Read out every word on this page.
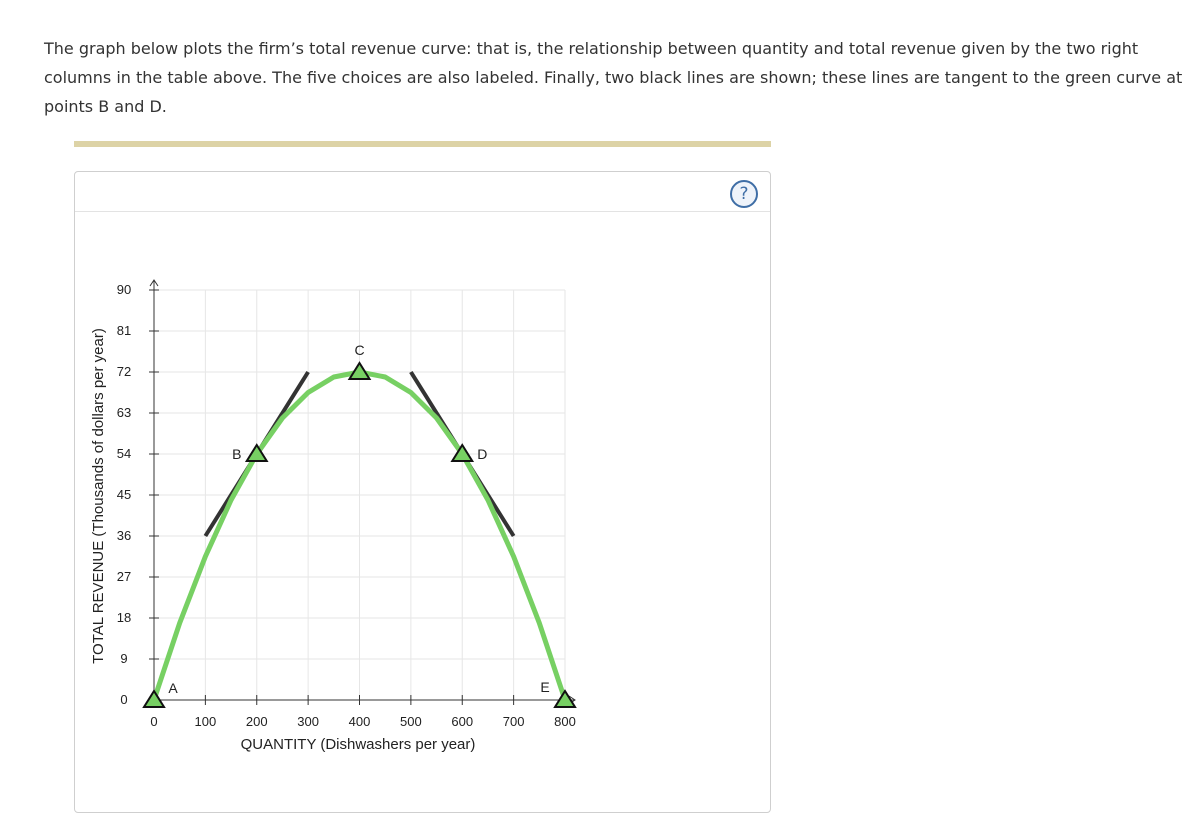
The graph below plots the firm’s total revenue curve: that is, the relationship between quantity and total revenue given by the two right columns in the table above. The five choices are also labeled. Finally, two black lines are shown; these lines are tangent to the green curve at points B and D.

?
0	100 200 300 400 500 600 700 800
0
9
18
27
36
45
54
63
72
81
90
A
B
C
D
E
QUANTITY (Dishwashers per year)
TOTAL REVENUE (Thousands of dollars per year)
